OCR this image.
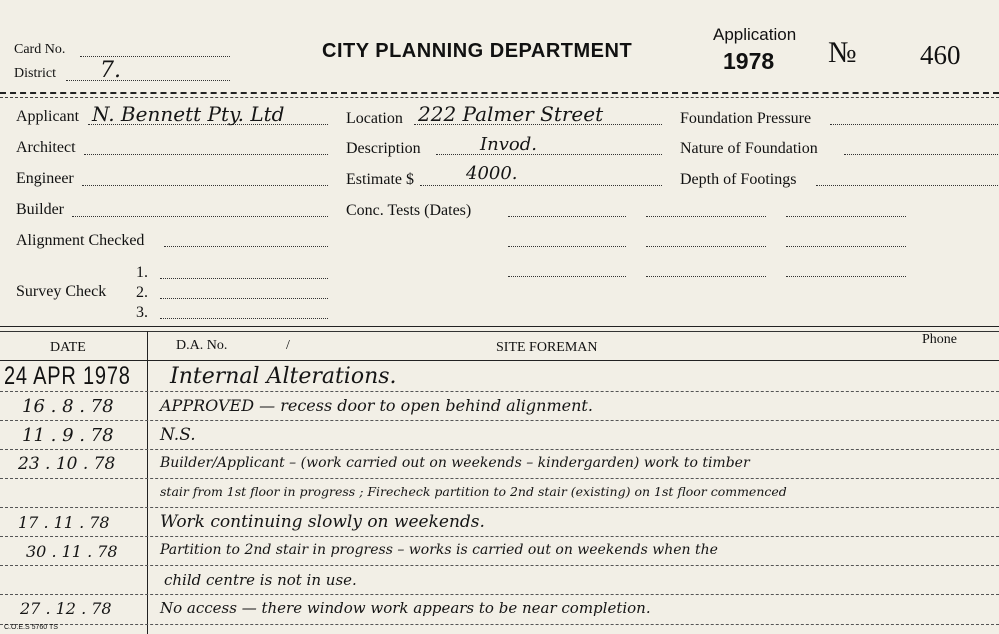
Card No.
District 7.
CITY PLANNING DEPARTMENT
Application
1978 № 460
Applicant N. Bennett Pty. Ltd	Location 222 Palmer Street	Foundation Pressure
Architect	Description	Invod.	Nature of Foundation
Engineer	Estimate $	4000.	Depth of Footings
Builder	Conc. Tests (Dates)
Alignment Checked
1.
Survey Check 2.
3.
DATE	D.A. No.	/	SITE FOREMAN
Phone
24 APR 1978 Internal Alterations.
16 . 8 . 78	APPROVED — recess door to open behind alignment.
11 . 9 . 78	N.S.
23 . 10 . 78	Builder/Applicant – (work carried out on weekends – kindergarden) work to timber
stair from 1st floor in progress ; Firecheck partition to 2nd stair (existing) on 1st floor commenced
17 . 11 . 78	Work continuing slowly on weekends.
30 . 11 . 78	Partition to 2nd stair in progress – works is carried out on weekends when the
child centre is not in use.
27 . 12 . 78	No access — there window work appears to be near completion.
C.O.E.S 5760 TS
